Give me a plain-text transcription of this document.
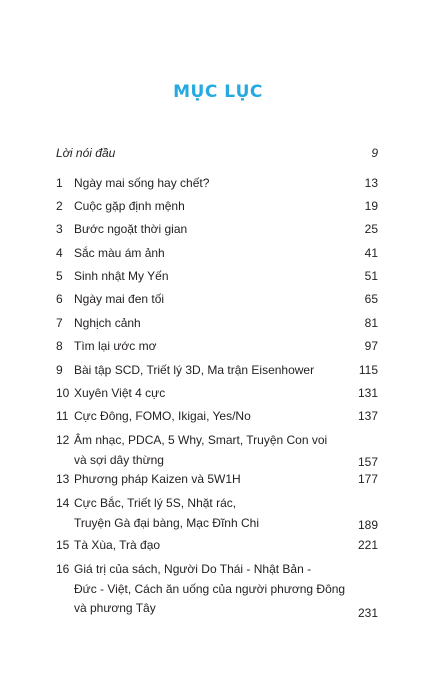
MỤC LỤC
Lời nói đầu	9
1 Ngày mai sống hay chết?	13
2 Cuộc gặp định mệnh	19
3 Bước ngoặt thời gian	25
4 Sắc màu ám ảnh	41
5 Sinh nhật My Yến	51
6 Ngày mai đen tối	65
7 Nghịch cảnh	81
8 Tìm lại ước mơ	97
9 Bài tập SCD, Triết lý 3D, Ma trận Eisenhower	115
10 Xuyên Việt 4 cực	131
11 Cực Đông, FOMO, Ikigai, Yes/No	137
12 Âm nhạc, PDCA, 5 Why, Smart, Truyện Con voi
và sợi dây thừng	157
13 Phương pháp Kaizen và 5W1H	177
14 Cực Bắc, Triết lý 5S, Nhặt rác,
Truyện Gà đại bàng, Mạc Đĩnh Chi	189
15 Tà Xùa, Trà đạo	221
16 Giá trị của sách, Người Do Thái - Nhật Bản -
Đức - Việt, Cách ăn uống của người phương Đông
và phương Tây	231
